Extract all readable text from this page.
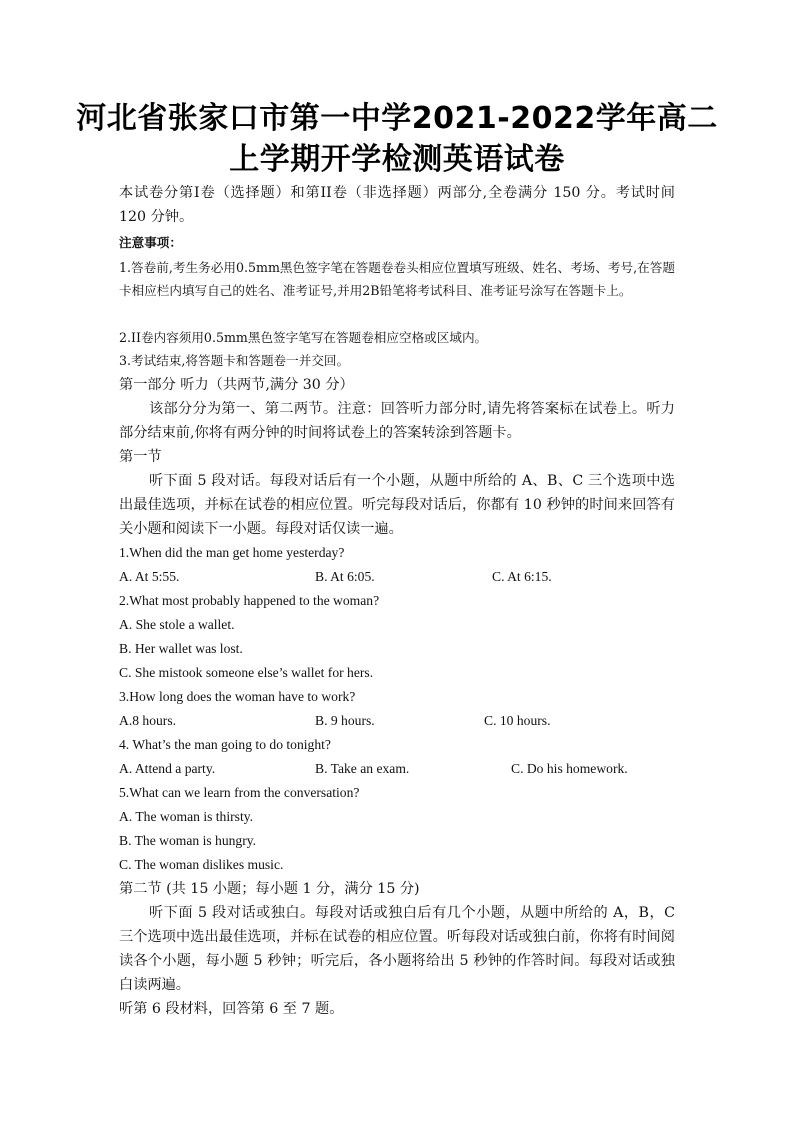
河北省张家口市第一中学2021-2022学年高二
上学期开学检测英语试卷
本试卷分第I卷（选择题）和第II卷（非选择题）两部分,全卷满分 150 分。考试时间 120 分钟。
注意事项：
1.答卷前,考生务必用0.5mm黑色签字笔在答题卷卷头相应位置填写班级、姓名、考场、考号,在答题卡相应栏内填写自己的姓名、准考证号,并用2B铅笔将考试科目、准考证号涂写在答题卡上。
2.II卷内容须用0.5mm黑色签字笔写在答题卷相应空格或区域内。
3.考试结束,将答题卡和答题卷一并交回。
第一部分 听力（共两节,满分 30 分）
该部分分为第一、第二两节。注意：回答听力部分时,请先将答案标在试卷上。听力部分结束前,你将有两分钟的时间将试卷上的答案转涂到答题卡。
第一节
听下面 5 段对话。每段对话后有一个小题，从题中所给的 A、B、C 三个选项中选出最佳选项，并标在试卷的相应位置。听完每段对话后，你都有 10 秒钟的时间来回答有关小题和阅读下一小题。每段对话仅读一遍。
1.When did the man get home yesterday?
A. At 5:55.	B. At 6:05.	C. At 6:15.
2.What most probably happened to the woman?
A. She stole a wallet.
B. Her wallet was lost.
C. She mistook someone else’s wallet for hers.
3.How long does the woman have to work?
A.8 hours.	B. 9 hours.	C. 10 hours.
4. What’s the man going to do tonight?
A. Attend a party.	B. Take an exam.	C. Do his homework.
5.What can we learn from the conversation?
A. The woman is thirsty.
B. The woman is hungry.
C. The woman dislikes music.
第二节 (共 15 小题；每小题 1 分，满分 15 分)
听下面 5 段对话或独白。每段对话或独白后有几个小题，从题中所给的 A，B，C 三个选项中选出最佳选项，并标在试卷的相应位置。听每段对话或独白前，你将有时间阅读各个小题，每小题 5 秒钟；听完后，各小题将给出 5 秒钟的作答时间。每段对话或独白读两遍。
听第 6 段材料，回答第 6 至 7 题。
